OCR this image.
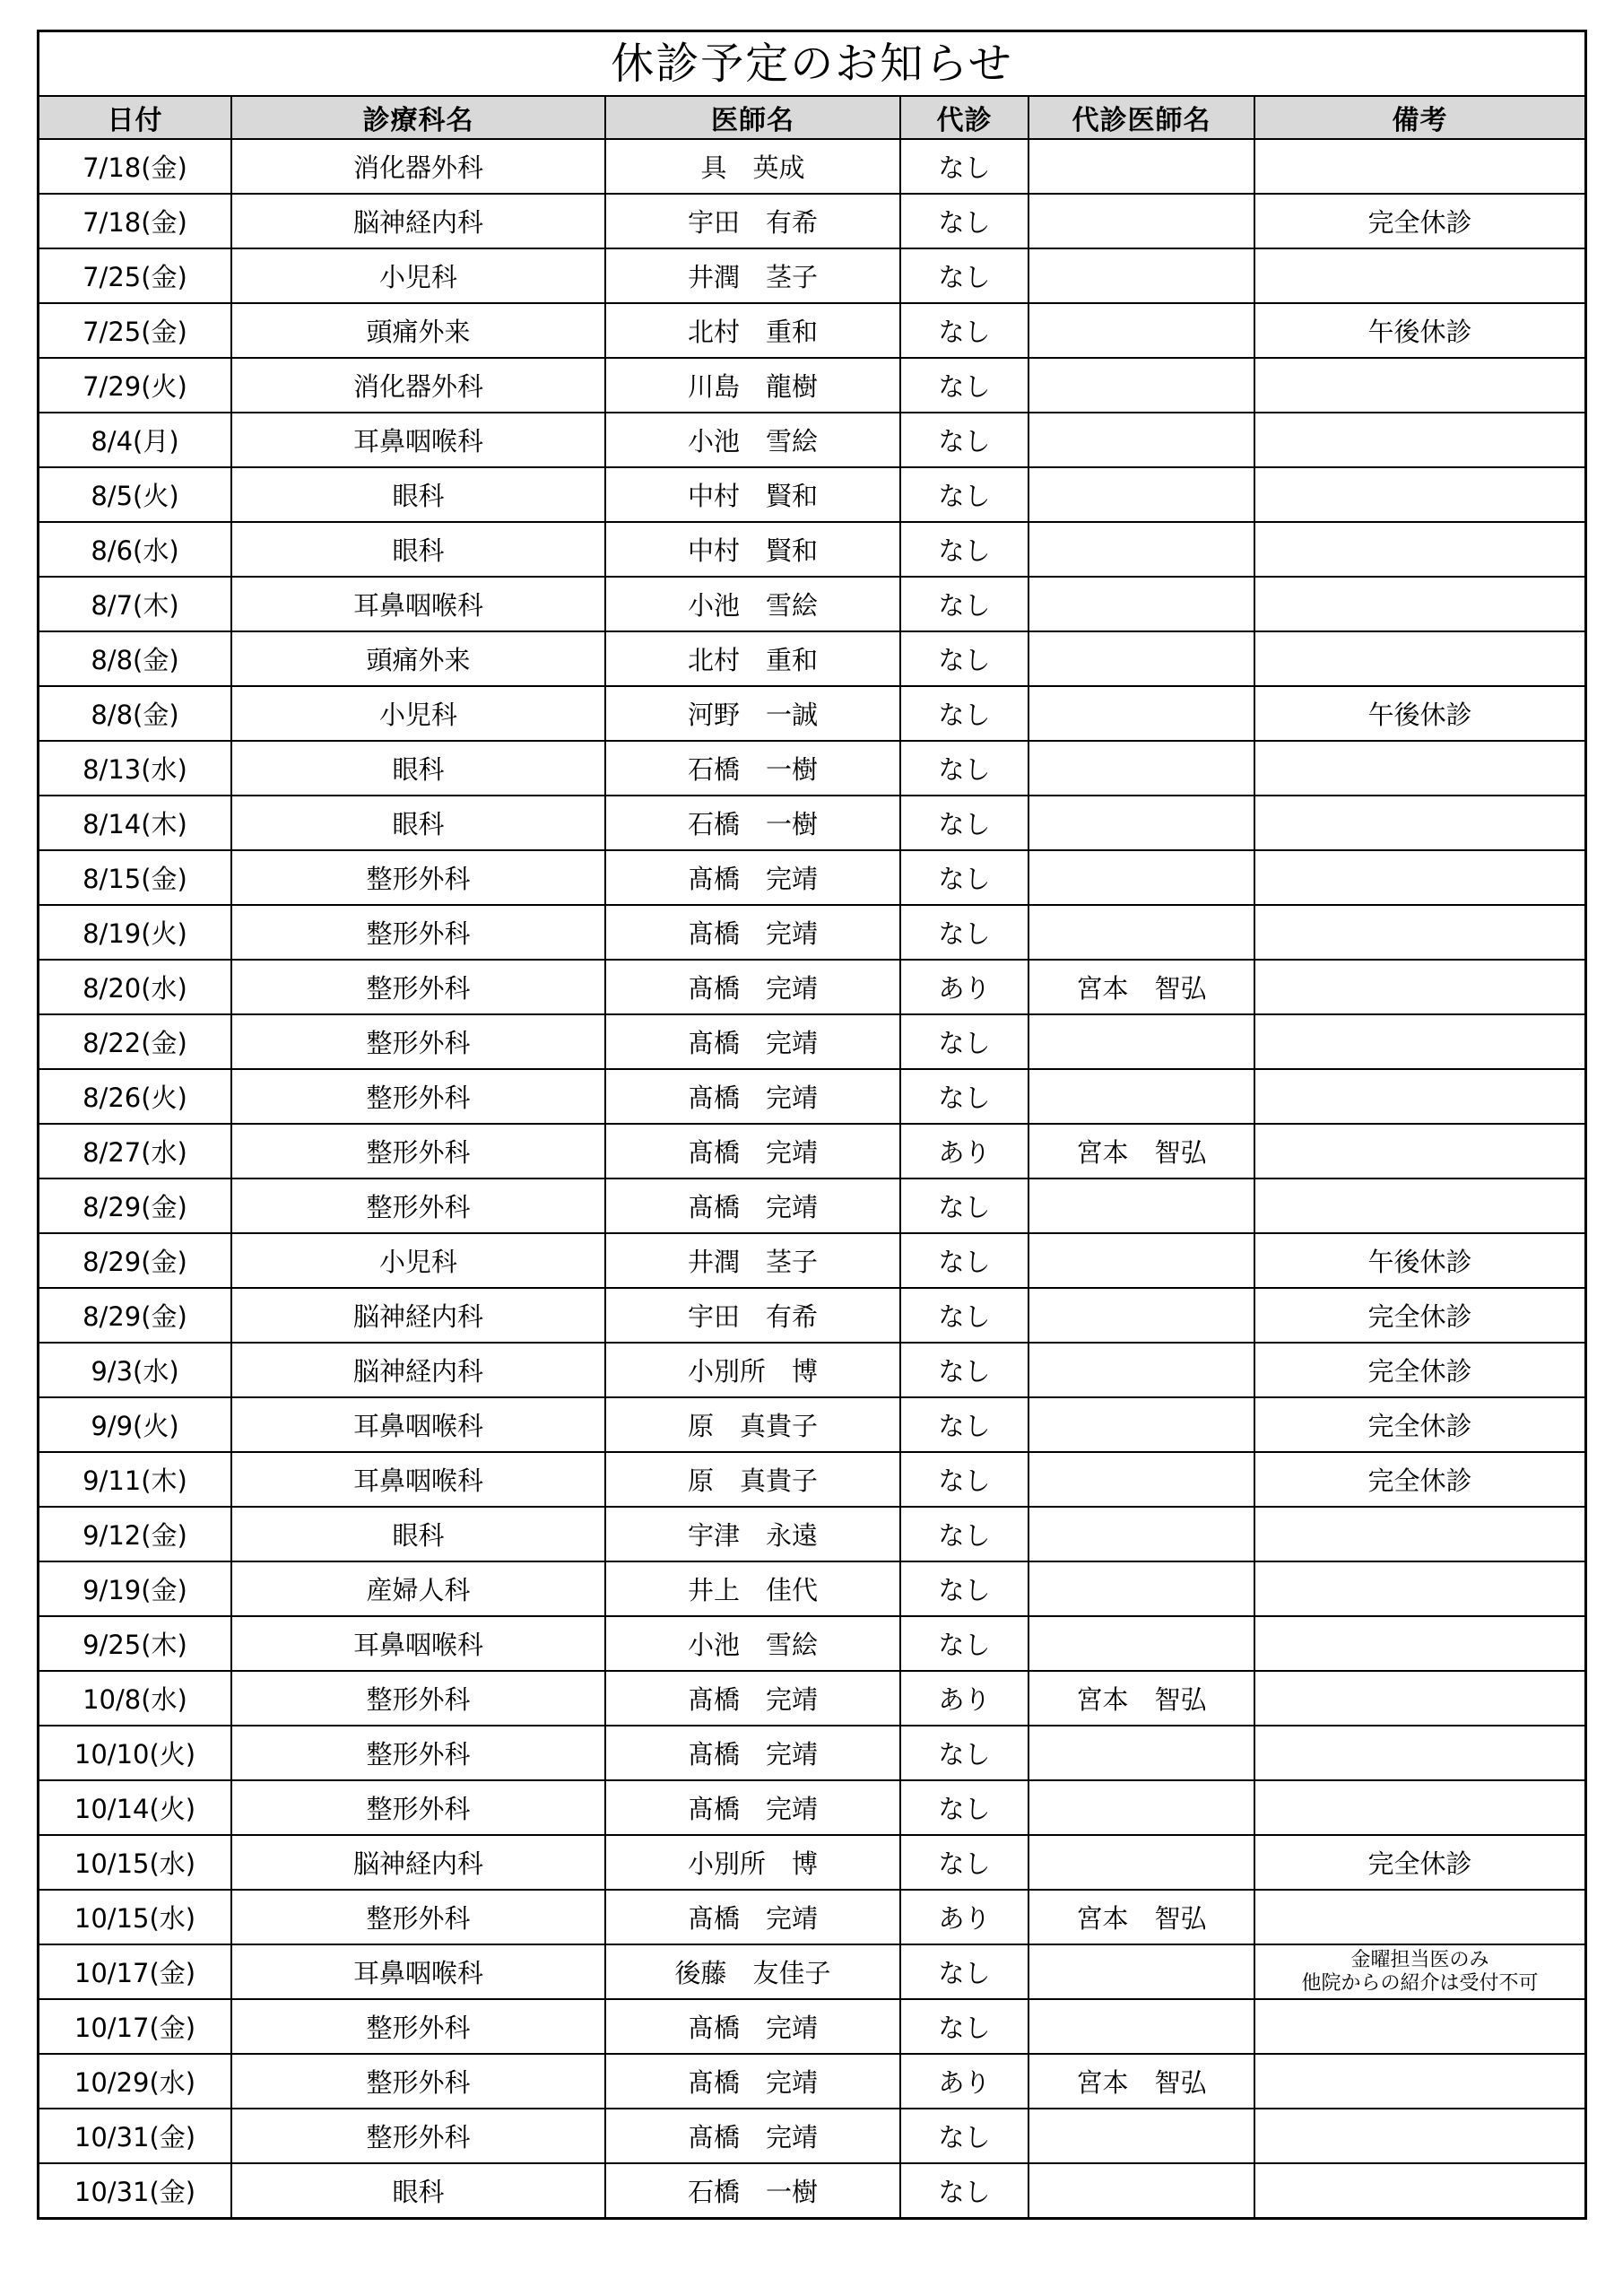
休診予定のお知らせ
日付	診療科名	医師名	代診	代診医師名	備考
7/18(金)	消化器外科	具　英成	なし		
7/18(金)	脳神経内科	宇田　有希	なし		完全休診
7/25(金)	小児科	井潤　茎子	なし		
7/25(金)	頭痛外来	北村　重和	なし		午後休診
7/29(火)	消化器外科	川島　龍樹	なし		
8/4(月)	耳鼻咽喉科	小池　雪絵	なし		
8/5(火)	眼科	中村　賢和	なし		
8/6(水)	眼科	中村　賢和	なし		
8/7(木)	耳鼻咽喉科	小池　雪絵	なし		
8/8(金)	頭痛外来	北村　重和	なし		
8/8(金)	小児科	河野　一誠	なし		午後休診
8/13(水)	眼科	石橋　一樹	なし		
8/14(木)	眼科	石橋　一樹	なし		
8/15(金)	整形外科	髙橋　完靖	なし		
8/19(火)	整形外科	髙橋　完靖	なし		
8/20(水)	整形外科	髙橋　完靖	あり	宮本　智弘	
8/22(金)	整形外科	髙橋　完靖	なし		
8/26(火)	整形外科	髙橋　完靖	なし		
8/27(水)	整形外科	髙橋　完靖	あり	宮本　智弘	
8/29(金)	整形外科	髙橋　完靖	なし		
8/29(金)	小児科	井潤　茎子	なし		午後休診
8/29(金)	脳神経内科	宇田　有希	なし		完全休診
9/3(水)	脳神経内科	小別所　博	なし		完全休診
9/9(火)	耳鼻咽喉科	原　真貴子	なし		完全休診
9/11(木)	耳鼻咽喉科	原　真貴子	なし		完全休診
9/12(金)	眼科	宇津　永遠	なし		
9/19(金)	産婦人科	井上　佳代	なし		
9/25(木)	耳鼻咽喉科	小池　雪絵	なし		
10/8(水)	整形外科	髙橋　完靖	あり	宮本　智弘	
10/10(火)	整形外科	髙橋　完靖	なし		
10/14(火)	整形外科	髙橋　完靖	なし		
10/15(水)	脳神経内科	小別所　博	なし		完全休診
10/15(水)	整形外科	髙橋　完靖	あり	宮本　智弘	
10/17(金)	耳鼻咽喉科	後藤　友佳子	なし		金曜担当医のみ
他院からの紹介は受付不可

10/17(金)	整形外科	髙橋　完靖	なし		
10/29(水)	整形外科	髙橋　完靖	あり	宮本　智弘	
10/31(金)	整形外科	髙橋　完靖	なし		
10/31(金)	眼科	石橋　一樹	なし		
